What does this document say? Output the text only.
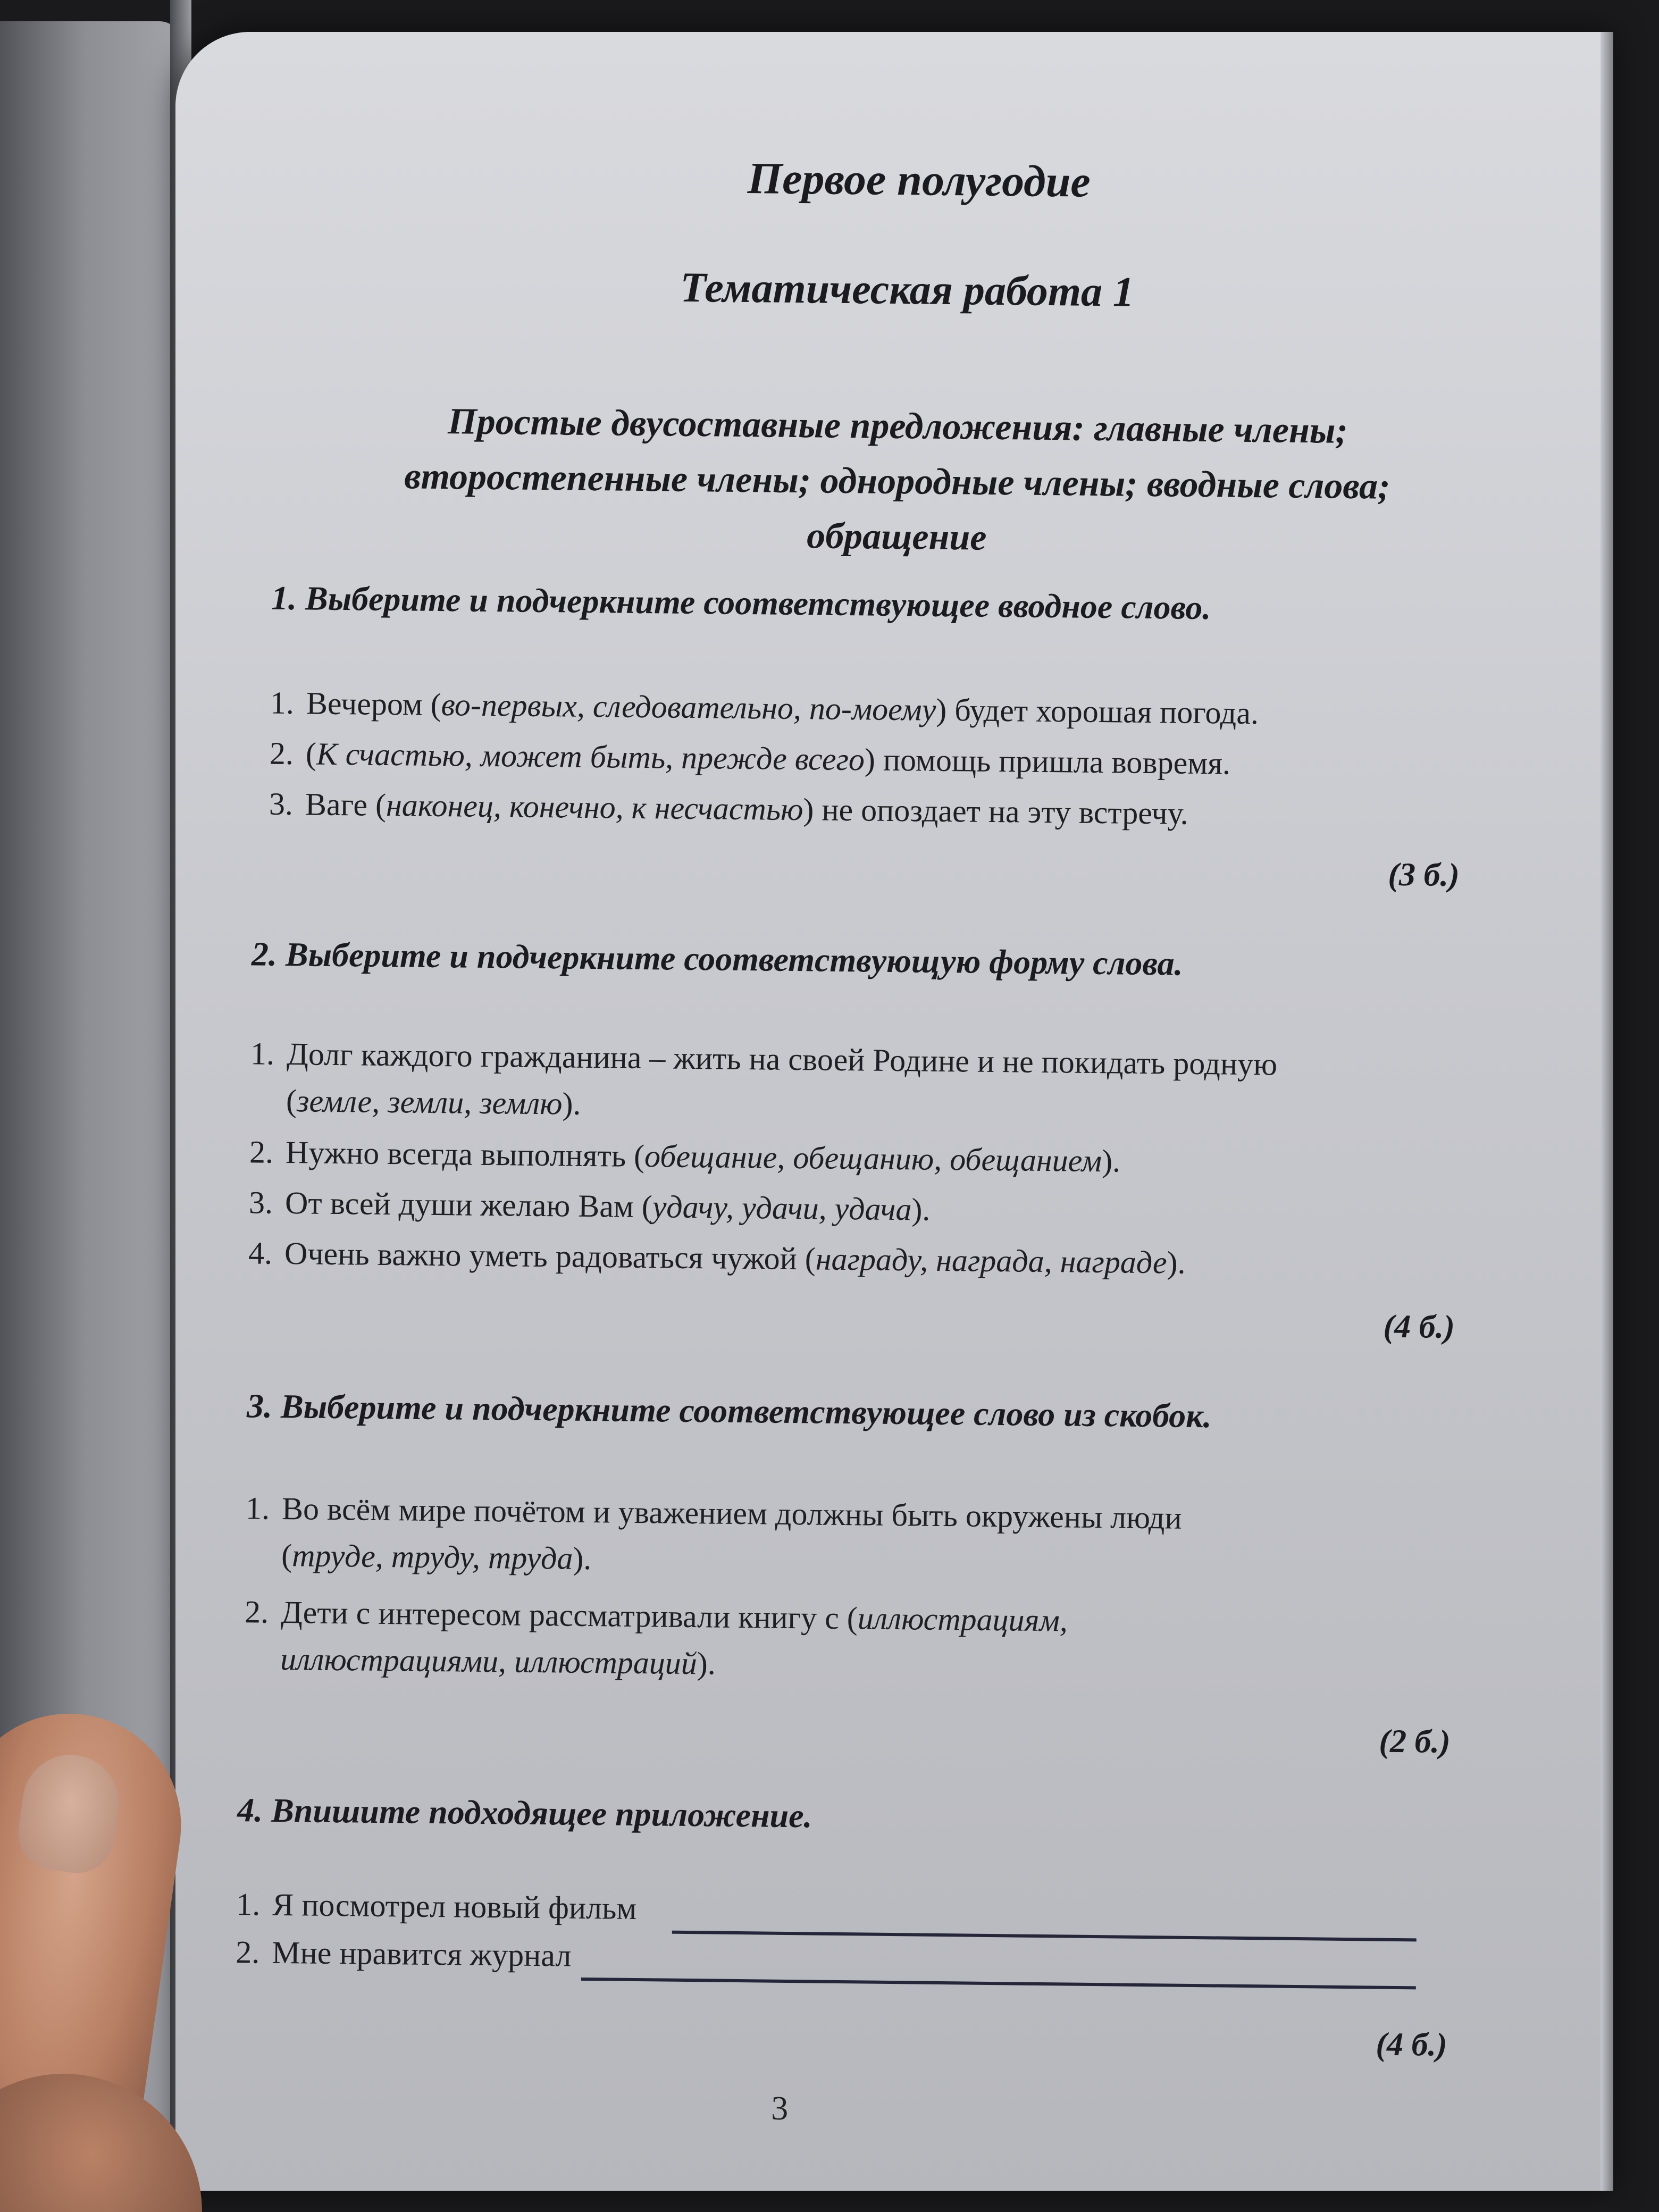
Первое полугодие
Тематическая работа 1
Простые двусоставные предложения: главные члены;
второстепенные члены; однородные члены; вводные слова;
обращение
1. Выберите и подчеркните соответствующее вводное слово.
1. Вечером (во-первых, следовательно, по-моему) будет хорошая погода.
2. (К счастью, может быть, прежде всего) помощь пришла вовремя.
3. Ваге (наконец, конечно, к несчастью) не опоздает на эту встречу.
(3 б.)
2. Выберите и подчеркните соответствующую форму слова.
1. Долг каждого гражданина – жить на своей Родине и не покидать родную
(земле, земли, землю).
2. Нужно всегда выполнять (обещание, обещанию, обещанием).
3. От всей души желаю Вам (удачу, удачи, удача).
4. Очень важно уметь радоваться чужой (награду, награда, награде).
(4 б.)
3. Выберите и подчеркните соответствующее слово из скобок.
1. Во всём мире почётом и уважением должны быть окружены люди
(труде, труду, труда).
2. Дети с интересом рассматривали книгу с (иллюстрациям,
иллюстрациями, иллюстраций).
(2 б.)
4. Впишите подходящее приложение.
1. Я посмотрел новый фильм
2. Мне нравится журнал
(4 б.)
3
